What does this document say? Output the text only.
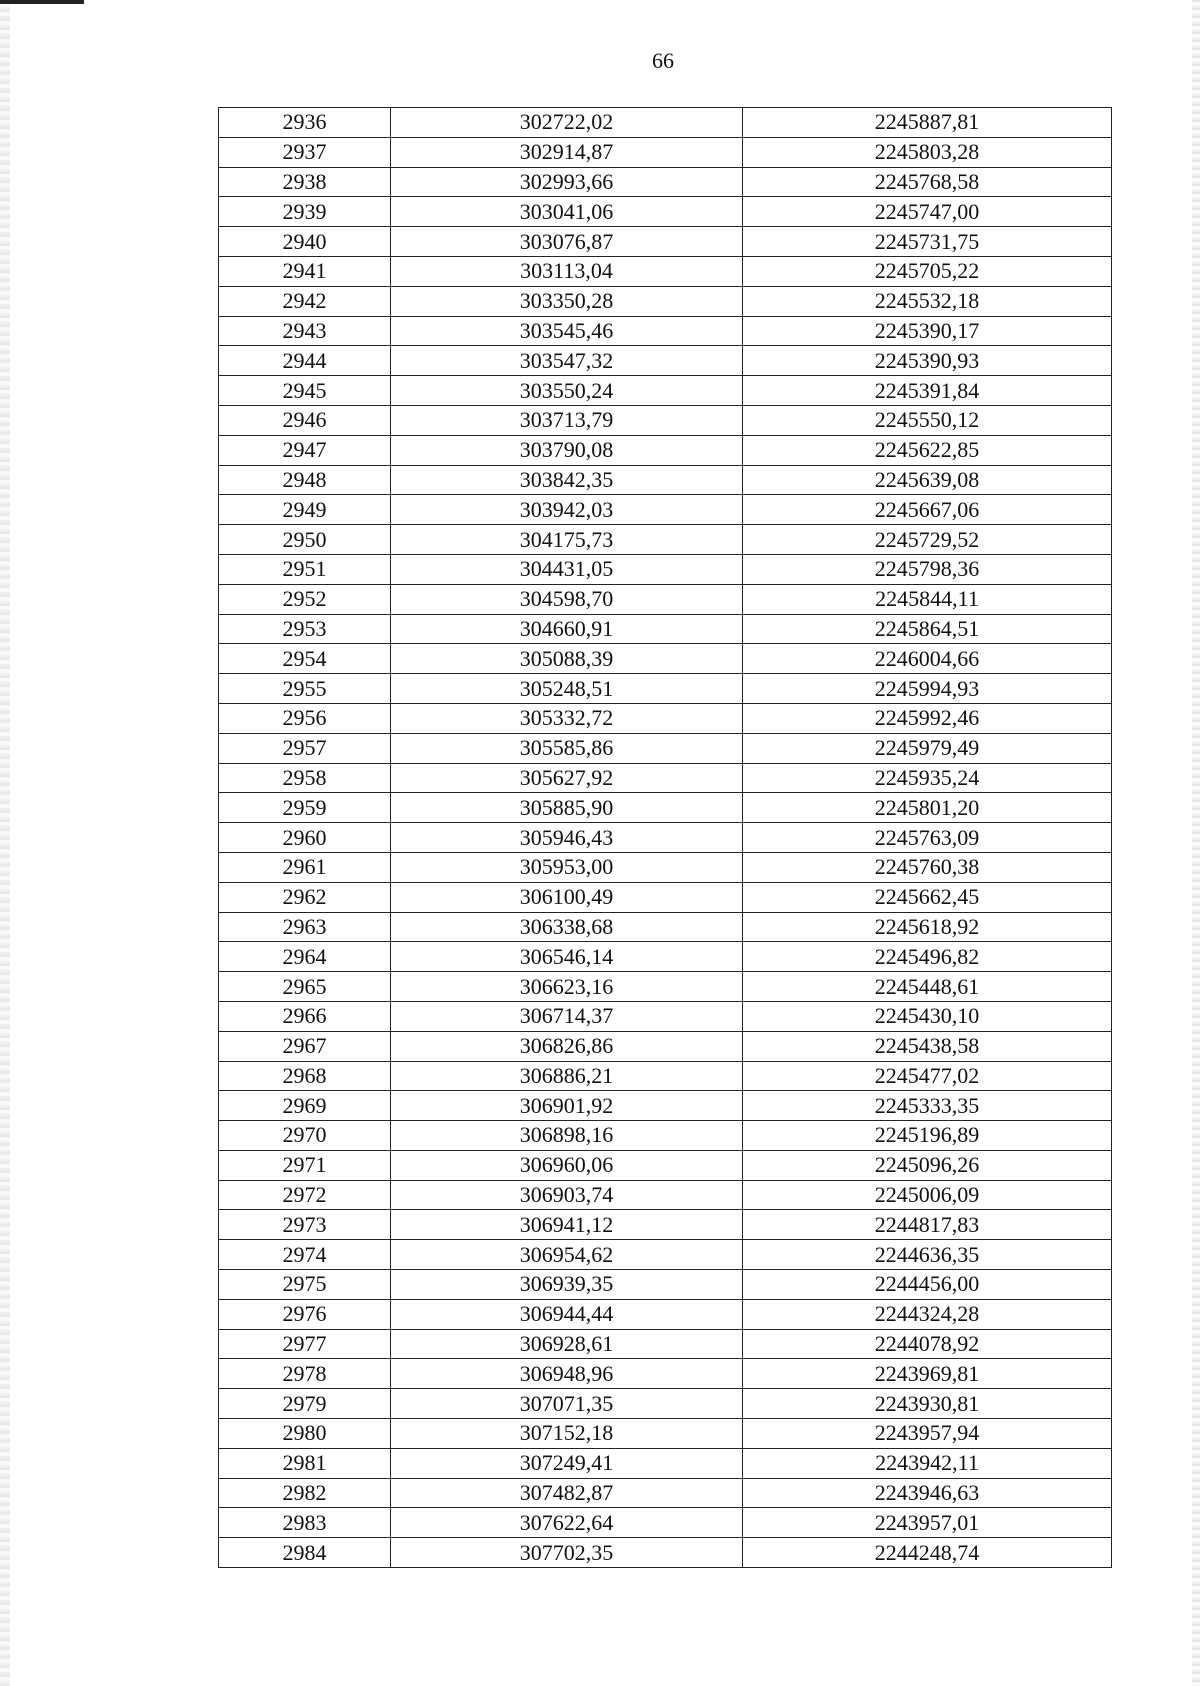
66
2936	302722,02	2245887,81
2937	302914,87	2245803,28
2938	302993,66	2245768,58
2939	303041,06	2245747,00
2940	303076,87	2245731,75
2941	303113,04	2245705,22
2942	303350,28	2245532,18
2943	303545,46	2245390,17
2944	303547,32	2245390,93
2945	303550,24	2245391,84
2946	303713,79	2245550,12
2947	303790,08	2245622,85
2948	303842,35	2245639,08
2949	303942,03	2245667,06
2950	304175,73	2245729,52
2951	304431,05	2245798,36
2952	304598,70	2245844,11
2953	304660,91	2245864,51
2954	305088,39	2246004,66
2955	305248,51	2245994,93
2956	305332,72	2245992,46
2957	305585,86	2245979,49
2958	305627,92	2245935,24
2959	305885,90	2245801,20
2960	305946,43	2245763,09
2961	305953,00	2245760,38
2962	306100,49	2245662,45
2963	306338,68	2245618,92
2964	306546,14	2245496,82
2965	306623,16	2245448,61
2966	306714,37	2245430,10
2967	306826,86	2245438,58
2968	306886,21	2245477,02
2969	306901,92	2245333,35
2970	306898,16	2245196,89
2971	306960,06	2245096,26
2972	306903,74	2245006,09
2973	306941,12	2244817,83
2974	306954,62	2244636,35
2975	306939,35	2244456,00
2976	306944,44	2244324,28
2977	306928,61	2244078,92
2978	306948,96	2243969,81
2979	307071,35	2243930,81
2980	307152,18	2243957,94
2981	307249,41	2243942,11
2982	307482,87	2243946,63
2983	307622,64	2243957,01
2984	307702,35	2244248,74
